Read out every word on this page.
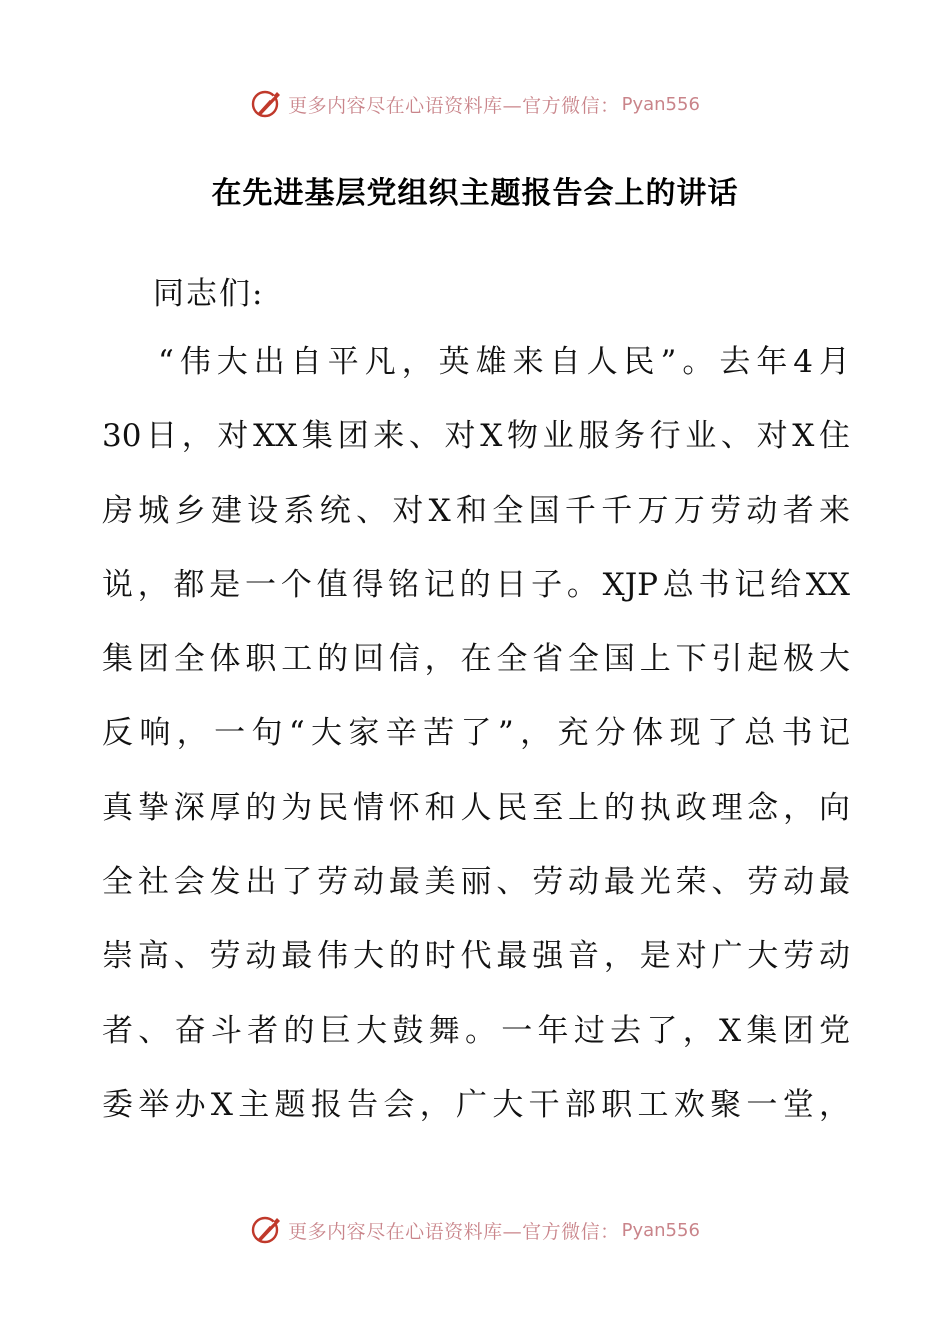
更多内容尽在心语资料库—官方微信： Pyan556
在先进基层党组织主题报告会上的讲话

同志们:

“伟大出自平凡，英雄来自人民”。去年4月
30日，对XX集团来、对X物业服务行业、对X住
房城乡建设系统、对X和全国千千万万劳动者来
说，都是一个值得铭记的日子。XJP总书记给XX
集团全体职工的回信，在全省全国上下引起极大
反响，一句“大家辛苦了”，充分体现了总书记
真挚深厚的为民情怀和人民至上的执政理念，向
全社会发出了劳动最美丽、劳动最光荣、劳动最
崇高、劳动最伟大的时代最强音，是对广大劳动
者、奋斗者的巨大鼓舞。一年过去了，X集团党
委举办X主题报告会，广大干部职工欢聚一堂，
更多内容尽在心语资料库—官方微信： Pyan556
